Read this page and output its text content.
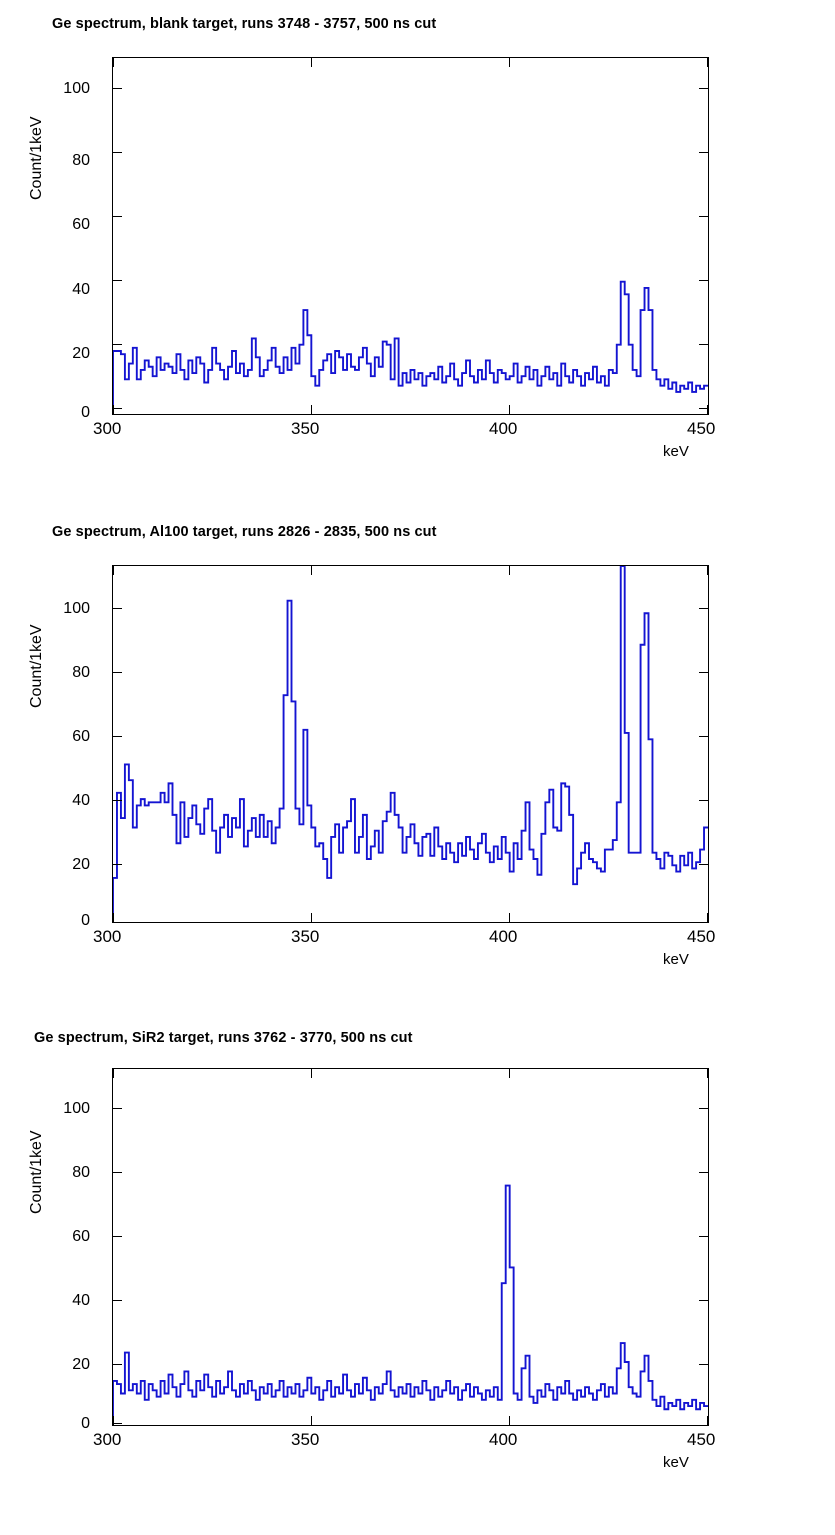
Ge spectrum, blank target, runs 3748 - 3757, 500 ns cut
Count/1keV
100
80
60
40
20
0
300	350	400	450
keV
Ge spectrum, Al100 target, runs 2826 - 2835, 500 ns cut
Count/1keV
100
80
60
40
20
0
300	350	400	450
keV
Ge spectrum, SiR2 target, runs 3762 - 3770, 500 ns cut
Count/1keV
100
80
60
40
20
0
300	350	400	450
keV
